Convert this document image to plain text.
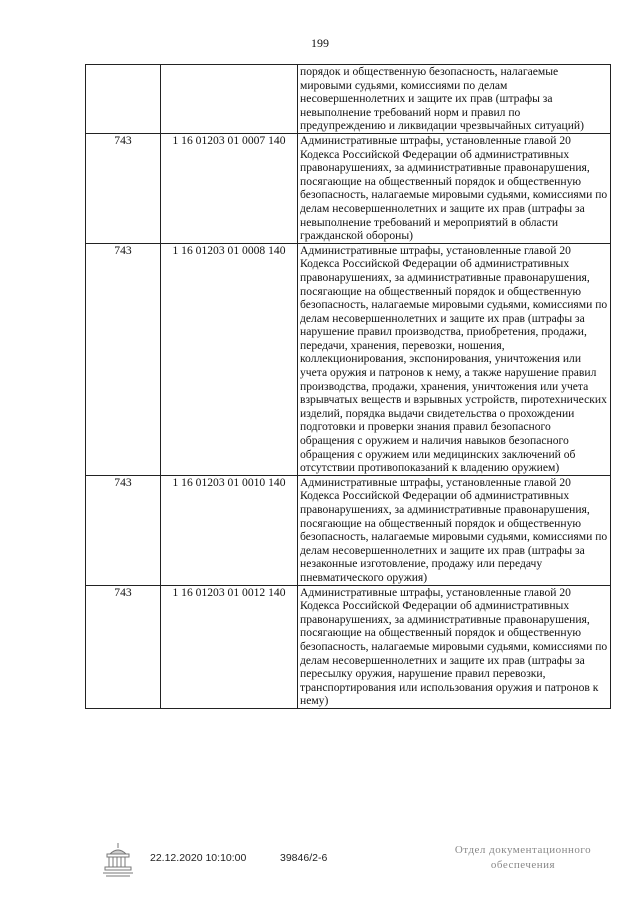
199
		порядок и общественную безопасность, налагаемые мировыми судьями, комиссиями по делам несовершеннолетних и защите их прав (штрафы за невыполнение требований норм и правил по предупреждению и ликвидации чрезвычайных ситуаций)
743	1 16 01203 01 0007 140	Административные штрафы, установленные главой 20 Кодекса Российской Федерации об административных правонарушениях, за административные правонарушения, посягающие на общественный порядок и общественную безопасность, налагаемые мировыми судьями, комиссиями по делам несовершеннолетних и защите их прав (штрафы за невыполнение требований и мероприятий в области гражданской обороны)
743	1 16 01203 01 0008 140	Административные штрафы, установленные главой 20 Кодекса Российской Федерации об административных правонарушениях, за административные правонарушения, посягающие на общественный порядок и общественную безопасность, налагаемые мировыми судьями, комиссиями по делам несовершеннолетних и защите их прав (штрафы за нарушение правил производства, приобретения, продажи, передачи, хранения, перевозки, ношения, коллекционирования, экспонирования, уничтожения или учета оружия и патронов к нему, а также нарушение правил производства, продажи, хранения, уничтожения или учета взрывчатых веществ и взрывных устройств, пиротехнических изделий, порядка выдачи свидетельства о прохождении подготовки и проверки знания правил безопасного обращения с оружием и наличия навыков безопасного обращения с оружием или медицинских заключений об отсутствии противопоказаний к владению оружием)
743	1 16 01203 01 0010 140	Административные штрафы, установленные главой 20 Кодекса Российской Федерации об административных правонарушениях, за административные правонарушения, посягающие на общественный порядок и общественную безопасность, налагаемые мировыми судьями, комиссиями по делам несовершеннолетних и защите их прав (штрафы за незаконные изготовление, продажу или передачу пневматического оружия)
743	1 16 01203 01 0012 140	Административные штрафы, установленные главой 20 Кодекса Российской Федерации об административных правонарушениях, за административные правонарушения, посягающие на общественный порядок и общественную безопасность, налагаемые мировыми судьями, комиссиями по делам несовершеннолетних и защите их прав (штрафы за пересылку оружия, нарушение правил перевозки, транспортирования или использования оружия и патронов к нему)
22.12.2020 10:10:00	39846/2-6
Отдел документационного
обеспечения
